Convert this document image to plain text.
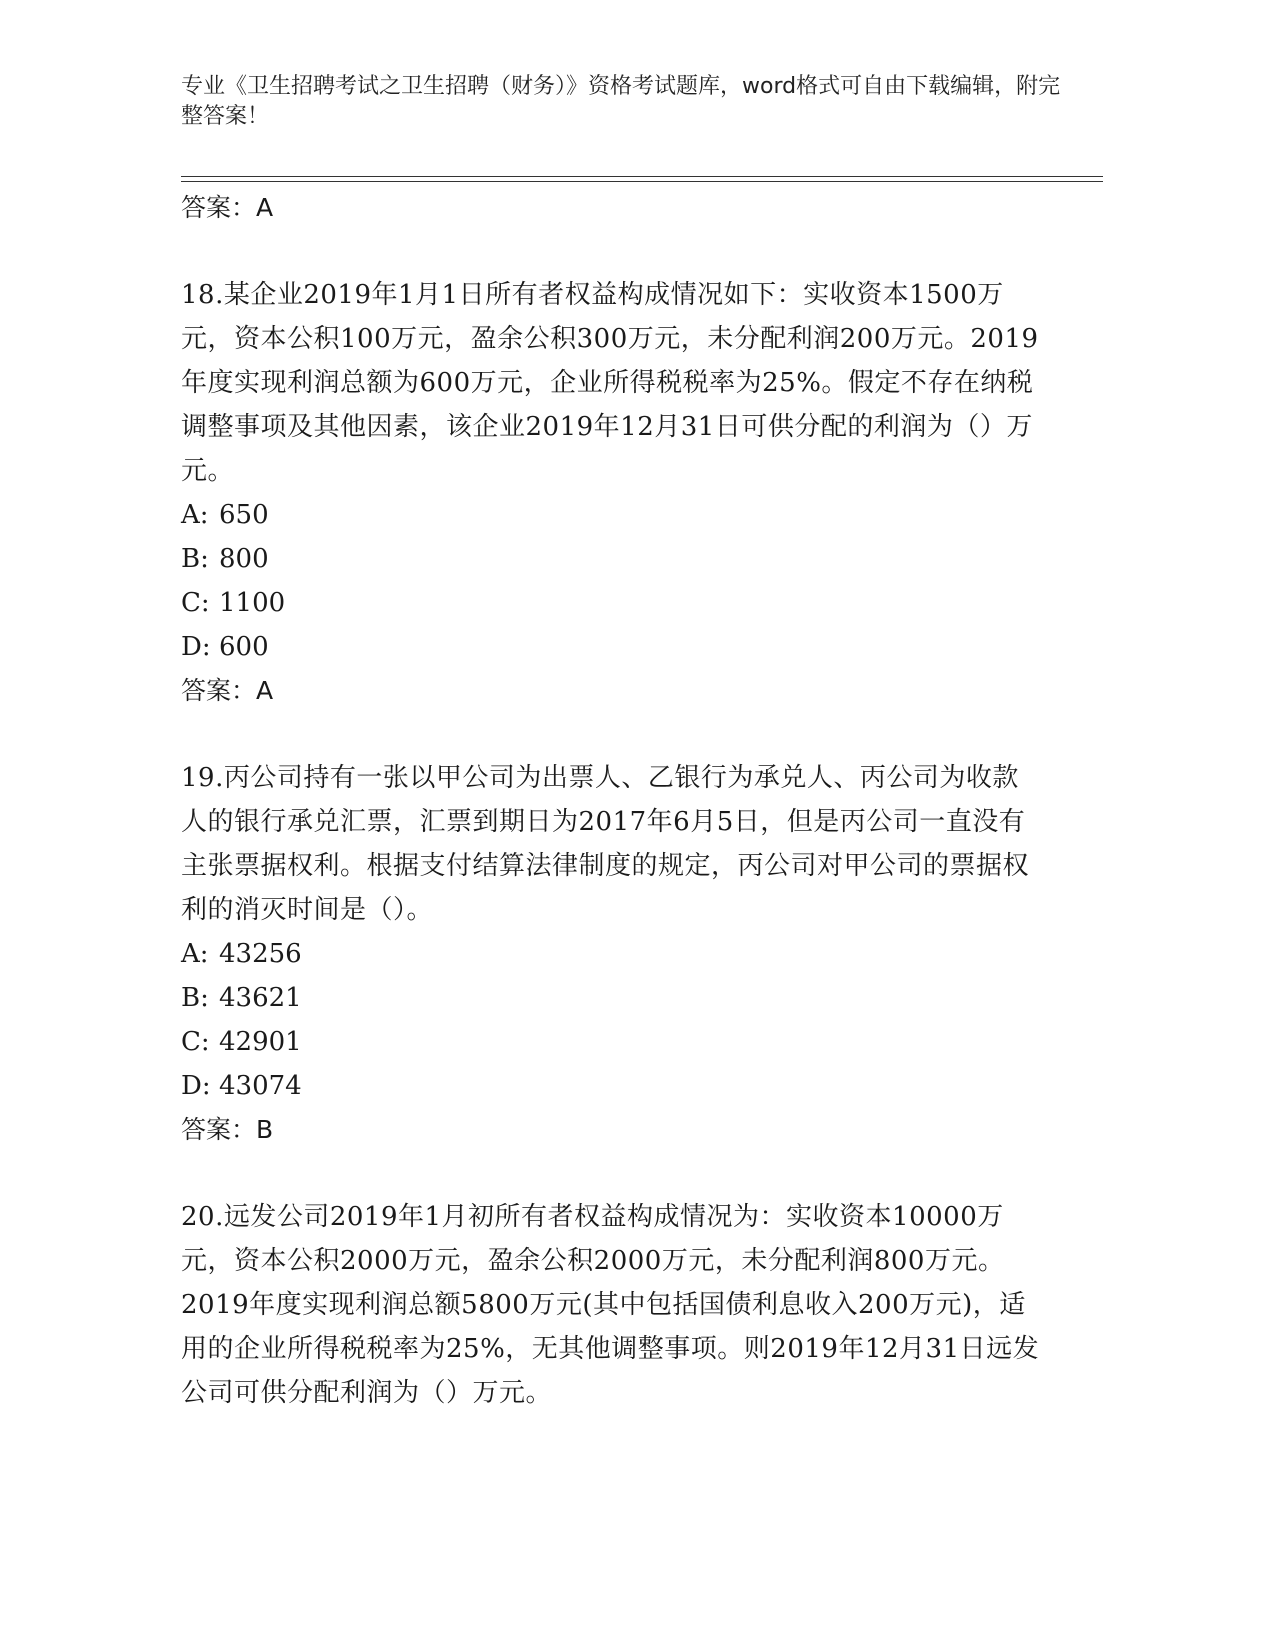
专业《卫生招聘考试之卫生招聘（财务）》资格考试题库，word格式可自由下载编辑，附完整答案！

答案：A

18.某企业2019年1月1日所有者权益构成情况如下：实收资本1500万元，资本公积100万元，盈余公积300万元，未分配利润200万元。2019年度实现利润总额为600万元，企业所得税税率为25%。假定不存在纳税调整事项及其他因素，该企业2019年12月31日可供分配的利润为（）万元。

A: 650

B: 800

C: 1100

D: 600

答案：A

19.丙公司持有一张以甲公司为出票人、乙银行为承兑人、丙公司为收款人的银行承兑汇票，汇票到期日为2017年6月5日，但是丙公司一直没有主张票据权利。根据支付结算法律制度的规定，丙公司对甲公司的票据权利的消灭时间是（）。

A: 43256

B: 43621

C: 42901

D: 43074

答案：B

20.远发公司2019年1月初所有者权益构成情况为：实收资本10000万元，资本公积2000万元，盈余公积2000万元，未分配利润800万元。2019年度实现利润总额5800万元(其中包括国债利息收入200万元)，适用的企业所得税税率为25%，无其他调整事项。则2019年12月31日远发公司可供分配利润为（）万元。
